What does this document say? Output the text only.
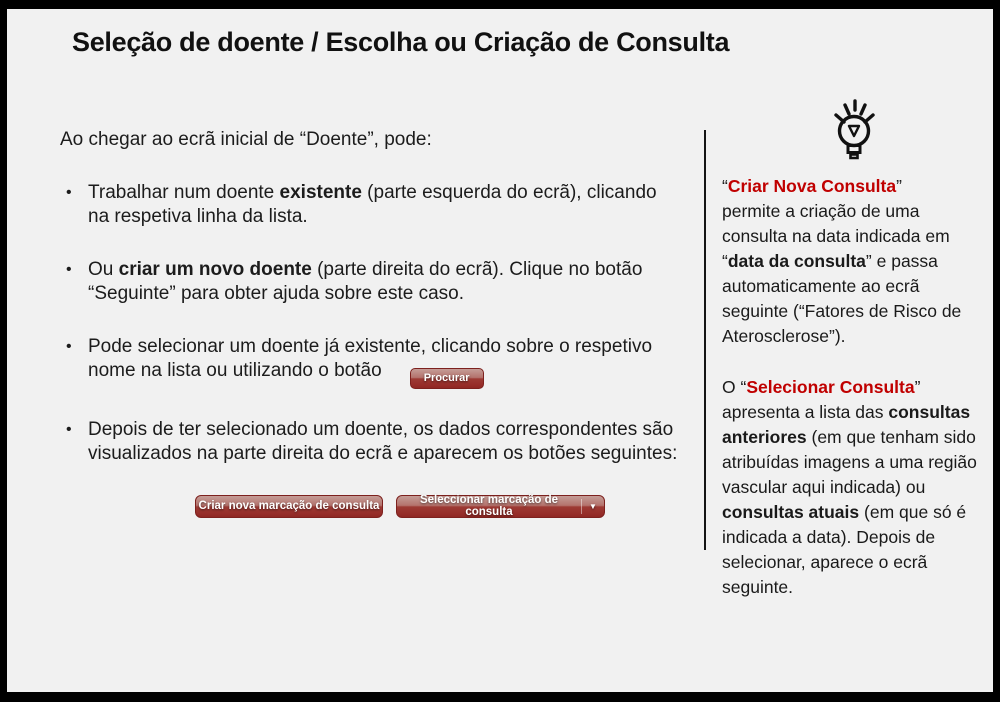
Seleção de doente / Escolha ou Criação de Consulta
Ao chegar ao ecrã inicial de “Doente”, pode:
• Trabalhar num doente existente (parte esquerda do ecrã), clicando na respetiva linha da lista.
• Ou criar um novo doente (parte direita do ecrã). Clique no botão “Seguinte” para obter ajuda sobre este caso.
• Pode selecionar um doente já existente, clicando sobre o respetivo nome na lista ou utilizando o botão	Procurar
• Depois de ter selecionado um doente, os dados correspondentes são visualizados na parte direita do ecrã e aparecem os botões seguintes:
Criar nova marcação de consulta	Seleccionar marcação de consulta	▼

“Criar Nova Consulta”
permite a criação de uma consulta na data indicada em “data da consulta” e passa automaticamente ao ecrã seguinte (“Fatores de Risco de Aterosclerose”).

O “Selecionar Consulta”
apresenta a lista das consultas anteriores (em que tenham sido atribuídas imagens a uma região vascular aqui indicada) ou consultas atuais (em que só é indicada a data). Depois de selecionar, aparece o ecrã seguinte.
